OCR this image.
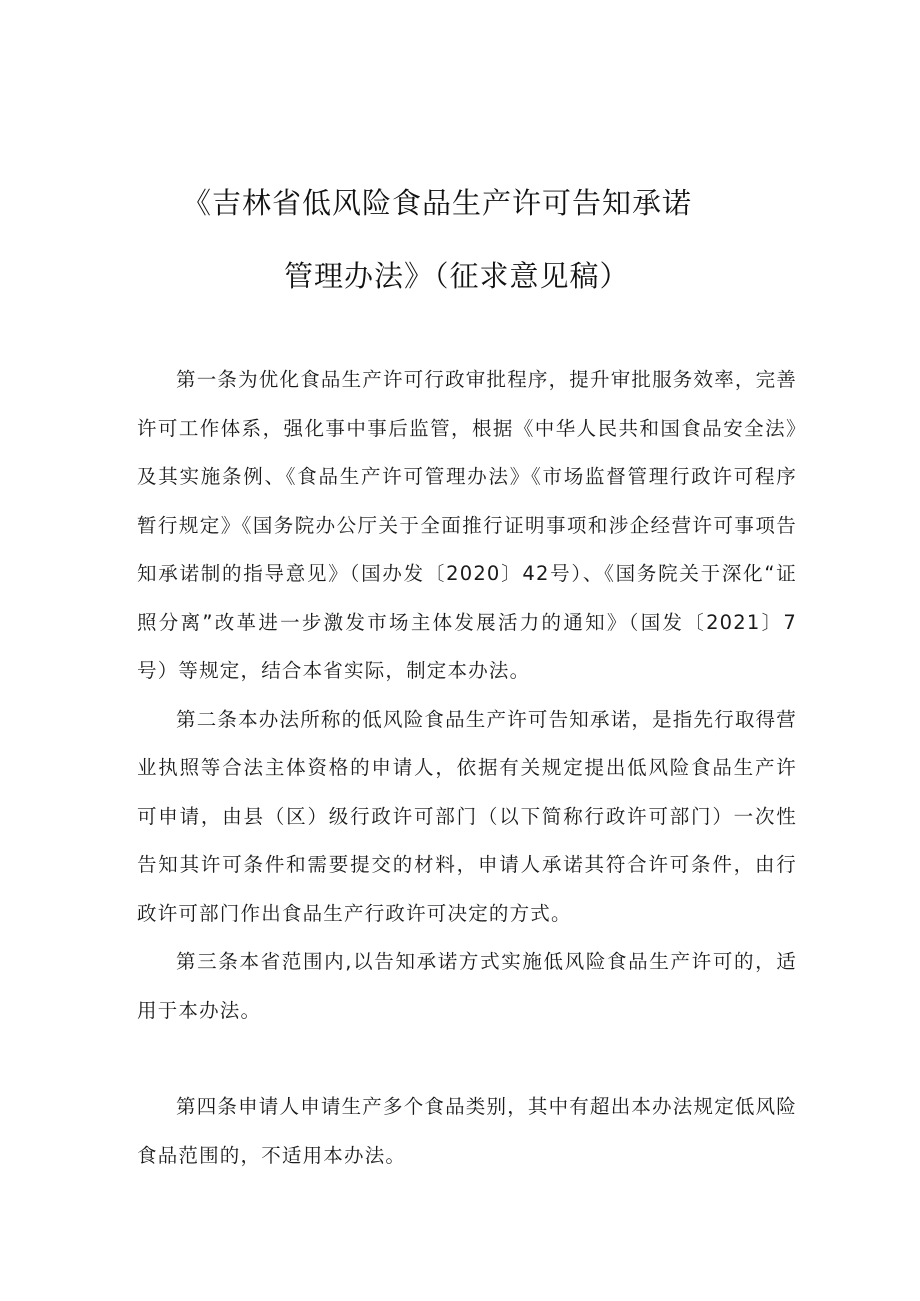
《吉林省低风险食品生产许可告知承诺
管理办法》（征求意见稿）

第一条为优化食品生产许可行政审批程序，提升审批服务效率，完善许可工作体系，强化事中事后监管，根据《中华人民共和国食品安全法》及其实施条例、《食品生产许可管理办法》《市场监督管理行政许可程序暂行规定》《国务院办公厅关于全面推行证明事项和涉企经营许可事项告知承诺制的指导意见》（国办发〔2020〕42号）、《国务院关于深化“证照分离”改革进一步激发市场主体发展活力的通知》（国发〔2021〕7号）等规定，结合本省实际，制定本办法。

第二条本办法所称的低风险食品生产许可告知承诺，是指先行取得营业执照等合法主体资格的申请人，依据有关规定提出低风险食品生产许可申请，由县（区）级行政许可部门（以下简称行政许可部门）一次性告知其许可条件和需要提交的材料，申请人承诺其符合许可条件，由行政许可部门作出食品生产行政许可决定的方式。

第三条本省范围内,以告知承诺方式实施低风险食品生产许可的，适用于本办法。

第四条申请人申请生产多个食品类别，其中有超出本办法规定低风险食品范围的，不适用本办法。
